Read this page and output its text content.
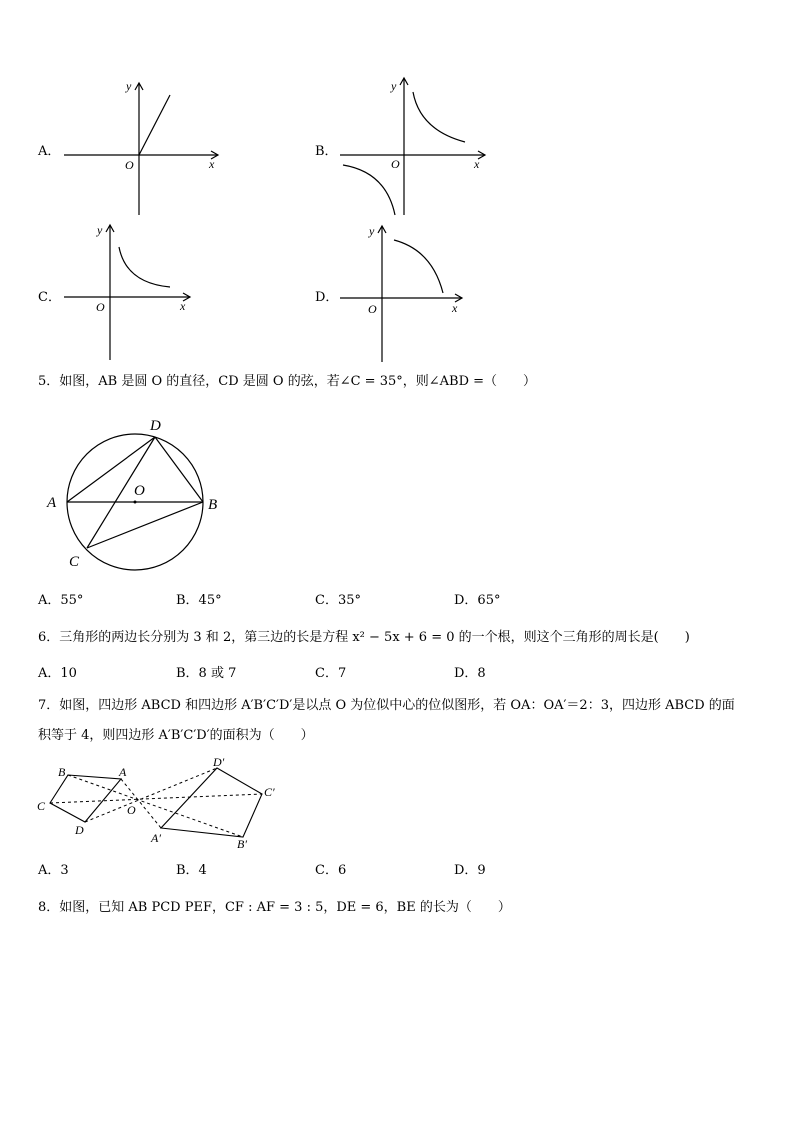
A．
y
O	x
B．
y
O	x
C．
y
O	x
D．
y
O	x
5．如图，AB 是圆 O 的直径，CD 是圆 O 的弦，若∠C = 35°，则∠ABD =（　　）
D
A
O
B
C
A．55°	B．45°	C．35°	D．65°
6．三角形的两边长分别为 3 和 2，第三边的长是方程 x² − 5x + 6 = 0 的一个根，则这个三角形的周长是(　　)
A．10	B．8 或 7	C．7	D．8
7．如图，四边形 ABCD 和四边形 A′B′C′D′是以点 O 为位似中心的位似图形，若 OA：OA′＝2：3，四边形 ABCD 的面
积等于 4，则四边形 A′B′C′D′的面积为（　　）
B	A
C
D
O
D′
C′
A′	B′
A．3	B．4	C．6	D．9
8．如图，已知 AB PCD PEF，CF : AF = 3 : 5，DE = 6，BE 的长为（　　）
